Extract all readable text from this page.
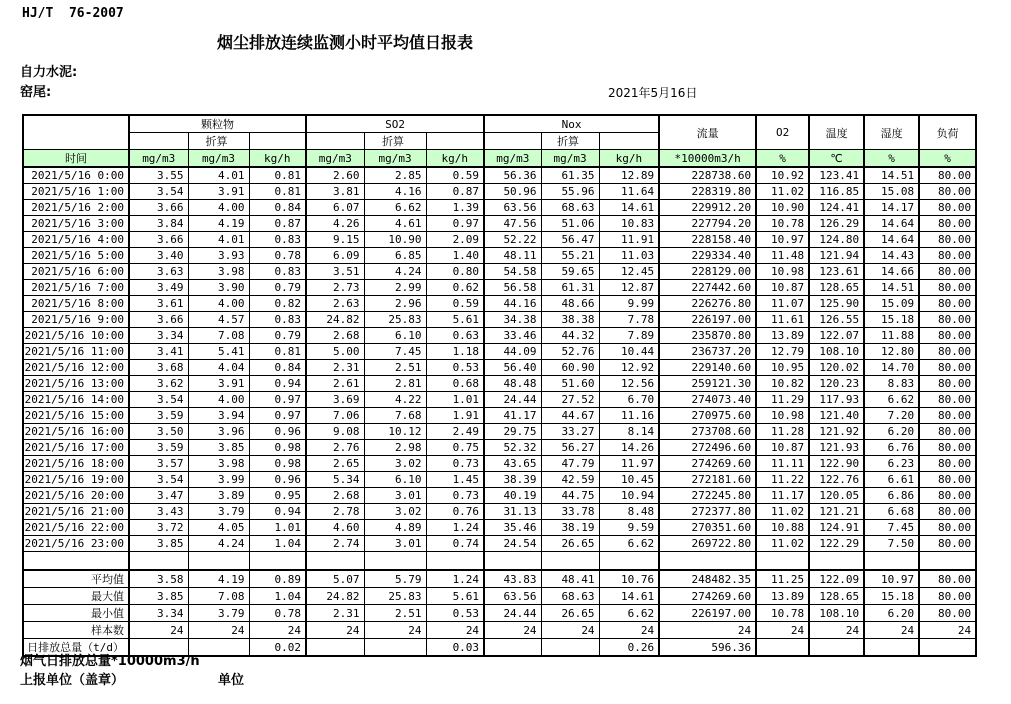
HJ/T  76-2007
烟尘排放连续监测小时平均值日报表
自力水泥:
窑尾:	2021年5月16日
	颗粒物			SO2			Nox			流量	O2	温度	湿度	负荷
		折算			折算			折算						
时间	mg/m3	mg/m3	kg/h	mg/m3	mg/m3	kg/h	mg/m3	mg/m3	kg/h	*10000m3/h	%	℃	%	%
2021/5/16 0:00	3.55	4.01	0.81	2.60	2.85	0.59	56.36	61.35	12.89	228738.60	10.92	123.41	14.51	80.00
2021/5/16 1:00	3.54	3.91	0.81	3.81	4.16	0.87	50.96	55.96	11.64	228319.80	11.02	116.85	15.08	80.00
2021/5/16 2:00	3.66	4.00	0.84	6.07	6.62	1.39	63.56	68.63	14.61	229912.20	10.90	124.41	14.17	80.00
2021/5/16 3:00	3.84	4.19	0.87	4.26	4.61	0.97	47.56	51.06	10.83	227794.20	10.78	126.29	14.64	80.00
2021/5/16 4:00	3.66	4.01	0.83	9.15	10.90	2.09	52.22	56.47	11.91	228158.40	10.97	124.80	14.64	80.00
2021/5/16 5:00	3.40	3.93	0.78	6.09	6.85	1.40	48.11	55.21	11.03	229334.40	11.48	121.94	14.43	80.00
2021/5/16 6:00	3.63	3.98	0.83	3.51	4.24	0.80	54.58	59.65	12.45	228129.00	10.98	123.61	14.66	80.00
2021/5/16 7:00	3.49	3.90	0.79	2.73	2.99	0.62	56.58	61.31	12.87	227442.60	10.87	128.65	14.51	80.00
2021/5/16 8:00	3.61	4.00	0.82	2.63	2.96	0.59	44.16	48.66	9.99	226276.80	11.07	125.90	15.09	80.00
2021/5/16 9:00	3.66	4.57	0.83	24.82	25.83	5.61	34.38	38.38	7.78	226197.00	11.61	126.55	15.18	80.00
2021/5/16 10:00	3.34	7.08	0.79	2.68	6.10	0.63	33.46	44.32	7.89	235870.80	13.89	122.07	11.88	80.00
2021/5/16 11:00	3.41	5.41	0.81	5.00	7.45	1.18	44.09	52.76	10.44	236737.20	12.79	108.10	12.80	80.00
2021/5/16 12:00	3.68	4.04	0.84	2.31	2.51	0.53	56.40	60.90	12.92	229140.60	10.95	120.02	14.70	80.00
2021/5/16 13:00	3.62	3.91	0.94	2.61	2.81	0.68	48.48	51.60	12.56	259121.30	10.82	120.23	8.83	80.00
2021/5/16 14:00	3.54	4.00	0.97	3.69	4.22	1.01	24.44	27.52	6.70	274073.40	11.29	117.93	6.62	80.00
2021/5/16 15:00	3.59	3.94	0.97	7.06	7.68	1.91	41.17	44.67	11.16	270975.60	10.98	121.40	7.20	80.00
2021/5/16 16:00	3.50	3.96	0.96	9.08	10.12	2.49	29.75	33.27	8.14	273708.60	11.28	121.92	6.20	80.00
2021/5/16 17:00	3.59	3.85	0.98	2.76	2.98	0.75	52.32	56.27	14.26	272496.60	10.87	121.93	6.76	80.00
2021/5/16 18:00	3.57	3.98	0.98	2.65	3.02	0.73	43.65	47.79	11.97	274269.60	11.11	122.90	6.23	80.00
2021/5/16 19:00	3.54	3.99	0.96	5.34	6.10	1.45	38.39	42.59	10.45	272181.60	11.22	122.76	6.61	80.00
2021/5/16 20:00	3.47	3.89	0.95	2.68	3.01	0.73	40.19	44.75	10.94	272245.80	11.17	120.05	6.86	80.00
2021/5/16 21:00	3.43	3.79	0.94	2.78	3.02	0.76	31.13	33.78	8.48	272377.80	11.02	121.21	6.68	80.00
2021/5/16 22:00	3.72	4.05	1.01	4.60	4.89	1.24	35.46	38.19	9.59	270351.60	10.88	124.91	7.45	80.00
2021/5/16 23:00	3.85	4.24	1.04	2.74	3.01	0.74	24.54	26.65	6.62	269722.80	11.02	122.29	7.50	80.00

平均值	3.58	4.19	0.89	5.07	5.79	1.24	43.83	48.41	10.76	248482.35	11.25	122.09	10.97	80.00
最大值	3.85	7.08	1.04	24.82	25.83	5.61	63.56	68.63	14.61	274269.60	13.89	128.65	15.18	80.00
最小值	3.34	3.79	0.78	2.31	2.51	0.53	24.44	26.65	6.62	226197.00	10.78	108.10	6.20	80.00
样本数	24	24	24	24	24	24	24	24	24	24	24	24	24	24
日排放总量（t/d）			0.02			0.03			0.26	596.36				
烟气日排放总量*10000m3/h
上报单位（盖章）	单位
